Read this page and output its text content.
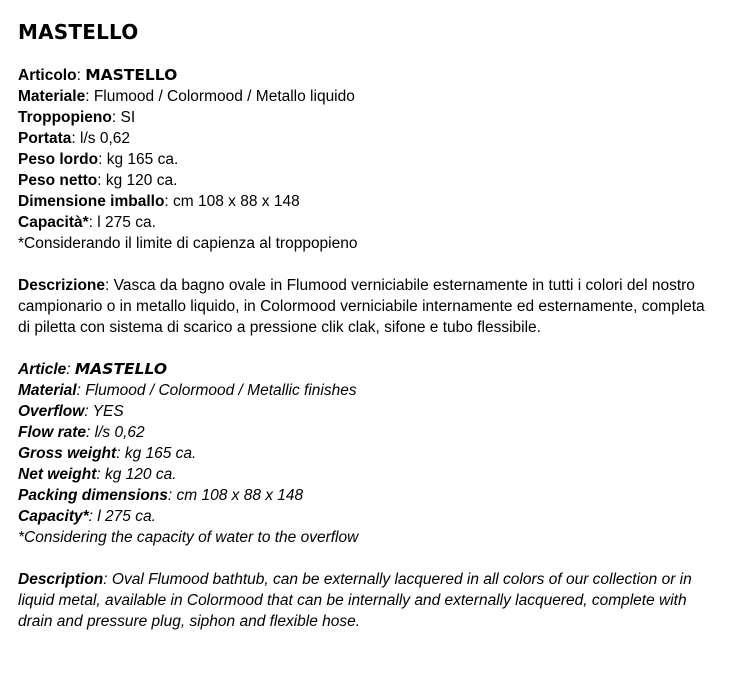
MASTELLO
Articolo: MASTELLO
Materiale: Flumood / Colormood / Metallo liquido
Troppopieno: SI
Portata: l/s 0,62
Peso lordo: kg 165 ca.
Peso netto: kg 120 ca.
Dimensione imballo: cm 108 x 88 x 148
Capacità*: l 275 ca.
*Considerando il limite di capienza al troppopieno

Descrizione: Vasca da bagno ovale in Flumood verniciabile esternamente in tutti i colori del nostro campionario o in metallo liquido, in Colormood verniciabile internamente ed esternamente, completa di piletta con sistema di scarico a pressione clik clak, sifone e tubo flessibile.

Article: MASTELLO
Material: Flumood / Colormood / Metallic finishes
Overflow: YES
Flow rate: l/s 0,62
Gross weight: kg 165 ca.
Net weight: kg 120 ca.
Packing dimensions: cm 108 x 88 x 148
Capacity*: l 275 ca.
*Considering the capacity of water to the overflow

Description: Oval Flumood bathtub, can be externally lacquered in all colors of our collection or in liquid metal, available in Colormood that can be internally and externally lacquered, complete with drain and pressure plug, siphon and flexible hose.
